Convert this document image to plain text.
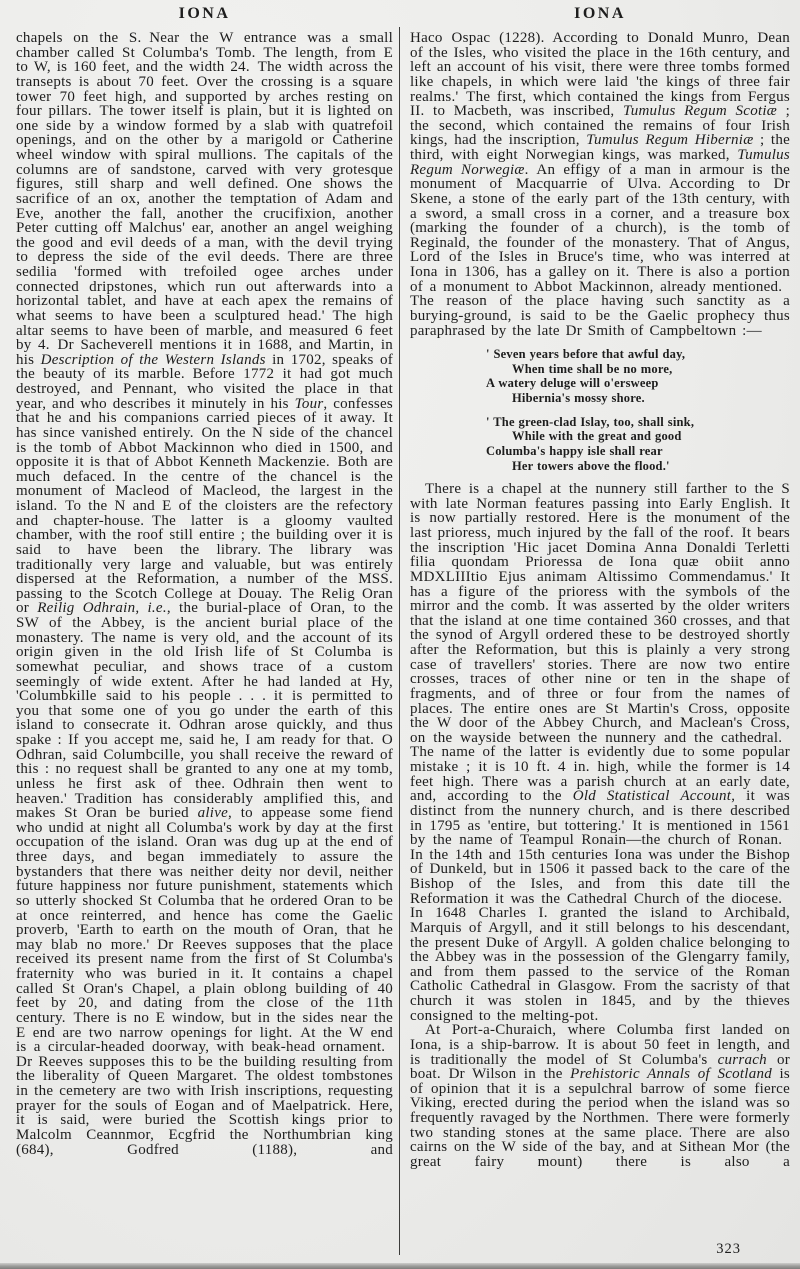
IONA	IONA

chapels on the S. Near the W entrance was a small chamber called St Columba's Tomb. The length, from E to W, is 160 feet, and the width 24. The width across the transepts is about 70 feet. Over the crossing is a square tower 70 feet high, and supported by arches resting on four pillars. The tower itself is plain, but it is lighted on one side by a window formed by a slab with quatrefoil openings, and on the other by a marigold or Catherine wheel window with spiral mullions. The capitals of the columns are of sandstone, carved with very grotesque figures, still sharp and well defined. One shows the sacrifice of an ox, another the temptation of Adam and Eve, another the fall, another the crucifixion, another Peter cutting off Malchus' ear, another an angel weighing the good and evil deeds of a man, with the devil trying to depress the side of the evil deeds. There are three sedilia 'formed with trefoiled ogee arches under connected dripstones, which run out afterwards into a horizontal tablet, and have at each apex the remains of what seems to have been a sculptured head.' The high altar seems to have been of marble, and measured 6 feet by 4. Dr Sacheverell mentions it in 1688, and Martin, in his Description of the Western Islands in 1702, speaks of the beauty of its marble. Before 1772 it had got much destroyed, and Pennant, who visited the place in that year, and who describes it minutely in his Tour, confesses that he and his companions carried pieces of it away. It has since vanished entirely. On the N side of the chancel is the tomb of Abbot Mackinnon who died in 1500, and opposite it is that of Abbot Kenneth Mackenzie. Both are much defaced. In the centre of the chancel is the monument of Macleod of Macleod, the largest in the island. To the N and E of the cloisters are the refectory and chapter-house. The latter is a gloomy vaulted chamber, with the roof still entire ; the building over it is said to have been the library. The library was traditionally very large and valuable, but was entirely dispersed at the Reformation, a number of the MSS. passing to the Scotch College at Douay. The Relig Oran or Reilig Odhrain, i.e., the burial-place of Oran, to the SW of the Abbey, is the ancient burial place of the monastery. The name is very old, and the account of its origin given in the old Irish life of St Columba is somewhat peculiar, and shows trace of a custom seemingly of wide extent. After he had landed at Hy, 'Columbkille said to his people . . . it is permitted to you that some one of you go under the earth of this island to consecrate it. Odhran arose quickly, and thus spake : If you accept me, said he, I am ready for that. O Odhran, said Columbcille, you shall receive the reward of this : no request shall be granted to any one at my tomb, unless he first ask of thee. Odhrain then went to heaven.' Tradition has considerably amplified this, and makes St Oran be buried alive, to appease some fiend who undid at night all Columba's work by day at the first occupation of the island. Oran was dug up at the end of three days, and began immediately to assure the bystanders that there was neither deity nor devil, neither future happiness nor future punishment, statements which so utterly shocked St Columba that he ordered Oran to be at once reinterred, and hence has come the Gaelic proverb, 'Earth to earth on the mouth of Oran, that he may blab no more.' Dr Reeves supposes that the place received its present name from the first of St Columba's fraternity who was buried in it. It contains a chapel called St Oran's Chapel, a plain oblong building of 40 feet by 20, and dating from the close of the 11th century. There is no E window, but in the sides near the E end are two narrow openings for light. At the W end is a circular-headed doorway, with beak-head ornament. Dr Reeves supposes this to be the building resulting from the liberality of Queen Margaret. The oldest tombstones in the cemetery are two with Irish inscriptions, requesting prayer for the souls of Eogan and of Maelpatrick. Here, it is said, were buried the Scottish kings prior to Malcolm Ceannmor, Ecgfrid the Northumbrian king (684), Godfred (1188), and

Haco Ospac (1228). According to Donald Munro, Dean of the Isles, who visited the place in the 16th century, and left an account of his visit, there were three tombs formed like chapels, in which were laid 'the kings of three fair realms.' The first, which contained the kings from Fergus II. to Macbeth, was inscribed, Tumulus Regum Scotiæ ; the second, which contained the remains of four Irish kings, had the inscription, Tumulus Regum Hiberniæ ; the third, with eight Norwegian kings, was marked, Tumulus Regum Norwegiæ. An effigy of a man in armour is the monument of Macquarrie of Ulva. According to Dr Skene, a stone of the early part of the 13th century, with a sword, a small cross in a corner, and a treasure box (marking the founder of a church), is the tomb of Reginald, the founder of the monastery. That of Angus, Lord of the Isles in Bruce's time, who was interred at Iona in 1306, has a galley on it. There is also a portion of a monument to Abbot Mackinnon, already mentioned. The reason of the place having such sanctity as a burying-ground, is said to be the Gaelic prophecy thus paraphrased by the late Dr Smith of Campbeltown :—

' Seven years before that awful day,
When time shall be no more,
A watery deluge will o'ersweep
Hibernia's mossy shore.
' The green-clad Islay, too, shall sink,
While with the great and good
Columba's happy isle shall rear
Her towers above the flood.'

There is a chapel at the nunnery still farther to the S with late Norman features passing into Early English. It is now partially restored. Here is the monument of the last prioress, much injured by the fall of the roof. It bears the inscription 'Hic jacet Domina Anna Donaldi Terletti filia quondam Prioressa de Iona quæ obiit anno MDXLIIItio Ejus animam Altissimo Commendamus.' It has a figure of the prioress with the symbols of the mirror and the comb. It was asserted by the older writers that the island at one time contained 360 crosses, and that the synod of Argyll ordered these to be destroyed shortly after the Reformation, but this is plainly a very strong case of travellers' stories. There are now two entire crosses, traces of other nine or ten in the shape of fragments, and of three or four from the names of places. The entire ones are St Martin's Cross, opposite the W door of the Abbey Church, and Maclean's Cross, on the wayside between the nunnery and the cathedral. The name of the latter is evidently due to some popular mistake ; it is 10 ft. 4 in. high, while the former is 14 feet high. There was a parish church at an early date, and, according to the Old Statistical Account, it was distinct from the nunnery church, and is there described in 1795 as 'entire, but tottering.' It is mentioned in 1561 by the name of Teampul Ronain—the church of Ronan. In the 14th and 15th centuries Iona was under the Bishop of Dunkeld, but in 1506 it passed back to the care of the Bishop of the Isles, and from this date till the Reformation it was the Cathedral Church of the diocese. In 1648 Charles I. granted the island to Archibald, Marquis of Argyll, and it still belongs to his descendant, the present Duke of Argyll. A golden chalice belonging to the Abbey was in the possession of the Glengarry family, and from them passed to the service of the Roman Catholic Cathedral in Glasgow. From the sacristy of that church it was stolen in 1845, and by the thieves consigned to the melting-pot.

At Port-a-Churaich, where Columba first landed on Iona, is a ship-barrow. It is about 50 feet in length, and is traditionally the model of St Columba's currach or boat. Dr Wilson in the Prehistoric Annals of Scotland is of opinion that it is a sepulchral barrow of some fierce Viking, erected during the period when the island was so frequently ravaged by the Northmen. There were formerly two standing stones at the same place. There are also cairns on the W side of the bay, and at Sithean Mor (the great fairy mount) there is also a

323
